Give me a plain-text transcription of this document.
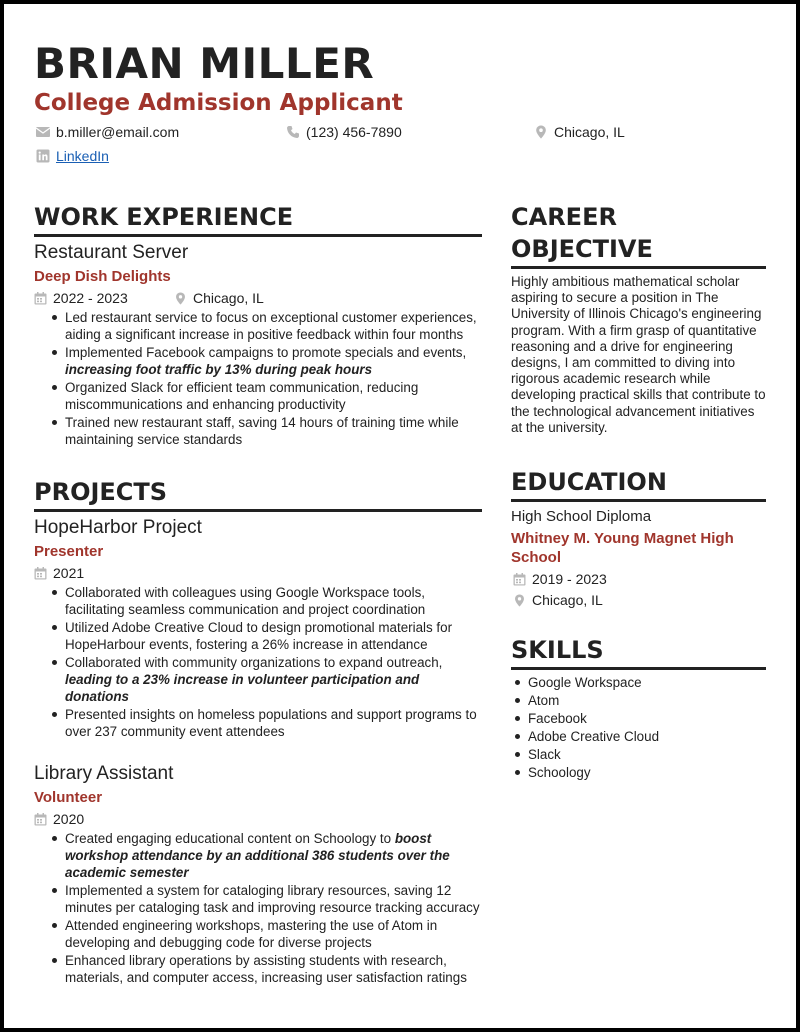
BRIAN MILLER
College Admission Applicant
b.miller@email.com	(123) 456-7890	Chicago, IL
LinkedIn
WORK EXPERIENCE
Restaurant Server
Deep Dish Delights
2022 - 2023	Chicago, IL
Led restaurant service to focus on exceptional customer experiences, aiding a significant increase in positive feedback within four months
Implemented Facebook campaigns to promote specials and events, increasing foot traffic by 13% during peak hours
Organized Slack for efficient team communication, reducing miscommunications and enhancing productivity
Trained new restaurant staff, saving 14 hours of training time while maintaining service standards
PROJECTS
HopeHarbor Project
Presenter
2021
Collaborated with colleagues using Google Workspace tools, facilitating seamless communication and project coordination
Utilized Adobe Creative Cloud to design promotional materials for HopeHarbour events, fostering a 26% increase in attendance
Collaborated with community organizations to expand outreach, leading to a 23% increase in volunteer participation and donations
Presented insights on homeless populations and support programs to over 237 community event attendees
Library Assistant
Volunteer
2020
Created engaging educational content on Schoology to boost workshop attendance by an additional 386 students over the academic semester
Implemented a system for cataloging library resources, saving 12 minutes per cataloging task and improving resource tracking accuracy
Attended engineering workshops, mastering the use of Atom in developing and debugging code for diverse projects
Enhanced library operations by assisting students with research, materials, and computer access, increasing user satisfaction ratings
CAREER OBJECTIVE
Highly ambitious mathematical scholar aspiring to secure a position in The University of Illinois Chicago's engineering program. With a firm grasp of quantitative reasoning and a drive for engineering designs, I am committed to diving into rigorous academic research while developing practical skills that contribute to the technological advancement initiatives at the university.
EDUCATION
High School Diploma
Whitney M. Young Magnet High School
2019 - 2023
Chicago, IL
SKILLS
Google Workspace
Atom
Facebook
Adobe Creative Cloud
Slack
Schoology
